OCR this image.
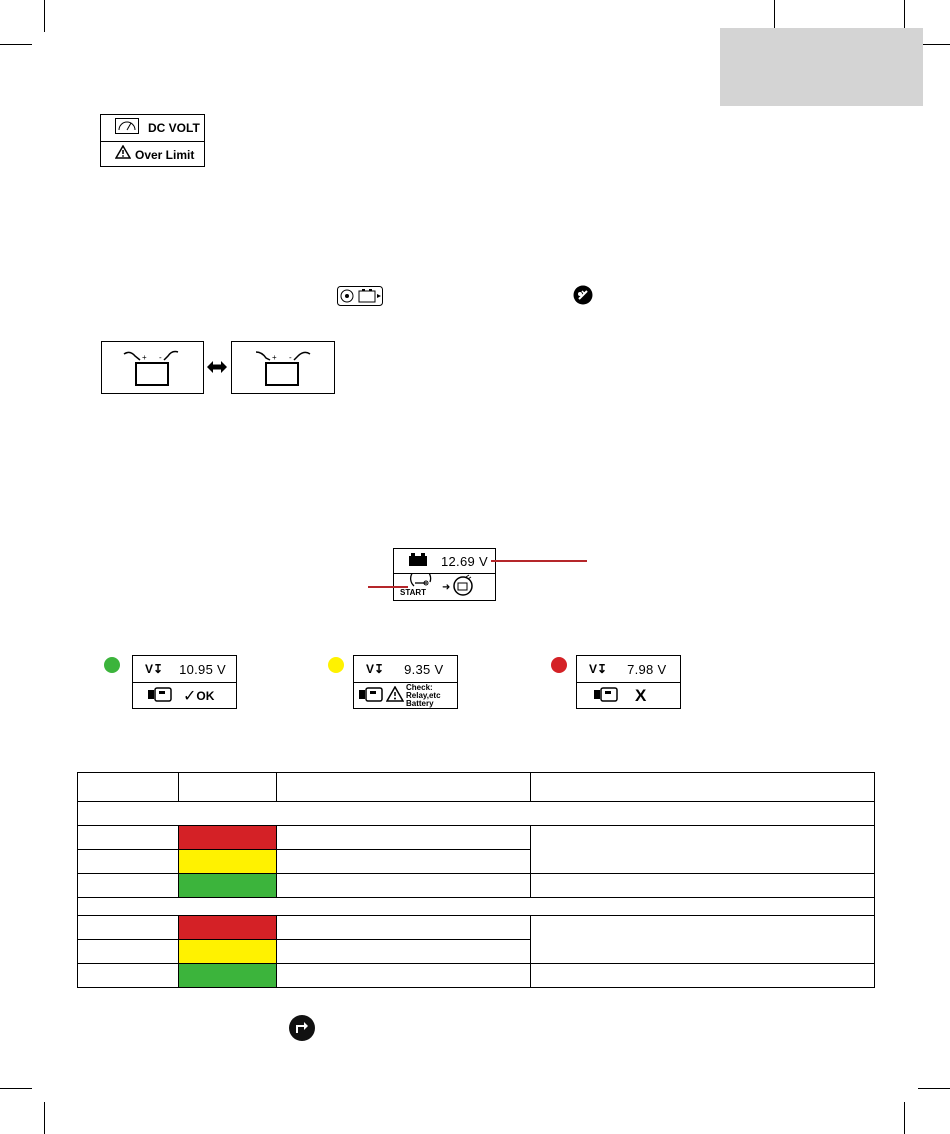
DC VOLT
Over Limit
+ -	+ -
12.69 V
START ➜
V↧ 10.95 V
✓ OK
V↧ 9.35 V
Check:
Relay,etc
Battery
V↧ 7.98 V
X
